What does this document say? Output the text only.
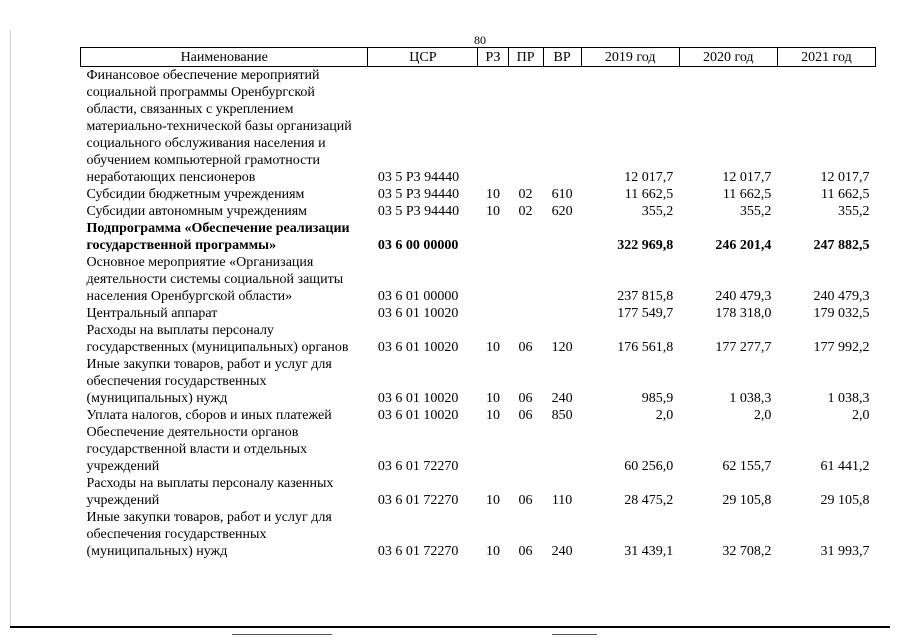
80
Наименование	ЦСР	РЗ	ПР	ВР	2019 год	2020 год	2021 год
Финансовое обеспечение мероприятий социальной программы Оренбургской области, связанных с укреплением материально-технической базы организаций социального обслуживания населения и обучением компьютерной грамотности неработающих пенсионеров	03 5 P3 94440				12 017,7	12 017,7	12 017,7
Субсидии бюджетным учреждениям	03 5 P3 94440	10	02	610	11 662,5	11 662,5	11 662,5
Субсидии автономным учреждениям	03 5 P3 94440	10	02	620	355,2	355,2	355,2
Подпрограмма «Обеспечение реализации государственной программы»	03 6 00 00000				322 969,8	246 201,4	247 882,5
Основное мероприятие «Организация деятельности системы социальной защиты населения Оренбургской области»	03 6 01 00000				237 815,8	240 479,3	240 479,3
Центральный аппарат	03 6 01 10020				177 549,7	178 318,0	179 032,5
Расходы на выплаты персоналу государственных (муниципальных) органов	03 6 01 10020	10	06	120	176 561,8	177 277,7	177 992,2
Иные закупки товаров, работ и услуг для обеспечения государственных (муниципальных) нужд	03 6 01 10020	10	06	240	985,9	1 038,3	1 038,3
Уплата налогов, сборов и иных платежей	03 6 01 10020	10	06	850	2,0	2,0	2,0
Обеспечение деятельности органов государственной власти и отдельных учреждений	03 6 01 72270				60 256,0	62 155,7	61 441,2
Расходы на выплаты персоналу казенных учреждений	03 6 01 72270	10	06	110	28 475,2	29 105,8	29 105,8
Иные закупки товаров, работ и услуг для обеспечения государственных (муниципальных) нужд	03 6 01 72270	10	06	240	31 439,1	32 708,2	31 993,7
